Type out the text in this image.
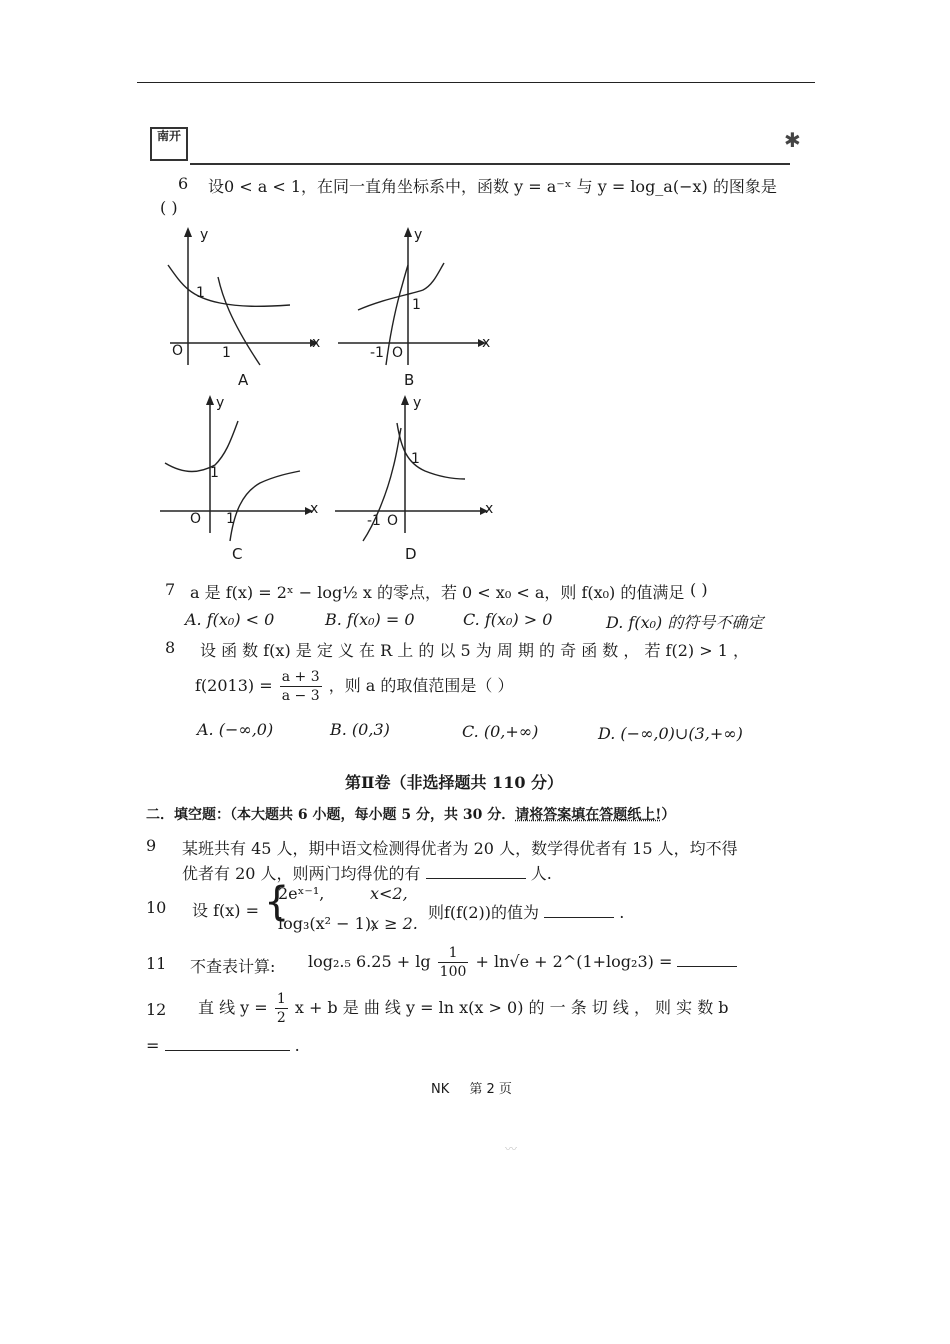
南开	✱
6 设0 < a < 1，在同一直角坐标系中，函数 y = a⁻ˣ 与 y = log_a(−x) 的图象是
( )
y
x
O
1
1
A
y
x
-1 O
1
B
y
x
O
1
1
C
y
x
-1 O
1
D
7 a 是 f(x) = 2ˣ − log½ x 的零点，若 0 < x₀ < a，则 f(x₀) 的值满足 ( )
A. f(x₀) < 0	B. f(x₀) = 0	C. f(x₀) > 0	D. f(x₀) 的符号不确定
8 设 函 数 f(x) 是 定 义 在 R 上 的 以 5 为 周 期 的 奇 函 数 ， 若 f(2) > 1 ，
$f(2013) = \frac{a + 3}{a - 3}$ ，则 a 的取值范围是（ ）
A. (−∞,0)	B. (0,3)	C. (0,+∞)	D. (−∞,0)∪(3,+∞)
第Ⅱ卷（非选择题共 110 分）
二．填空题：（本大题共 6 小题，每小题 5 分，共 30 分．请将答案填在答题纸上!）
9 某班共有 45 人，期中语文检测得优者为 20 人，数学得优者有 15 人，均不得
优者有 20 人，则两门均得优的有	人.
10 设 f(x) = {
2eˣ⁻¹,	x<2,
log₃(x² − 1),
x ≥ 2.
则f(f(2))的值为	.
11 不查表计算: log₂.₅ $6.25 + \lg \frac{1}{100} + \ln√e$ + 2^(1+log₂3) =
12 直 线 $y = \frac{1}{2}$ x + b 是 曲 线 y = ln x(x > 0) 的 一 条 切 线 ， 则 实 数 b
=	.
NK 第 2 页
〰
